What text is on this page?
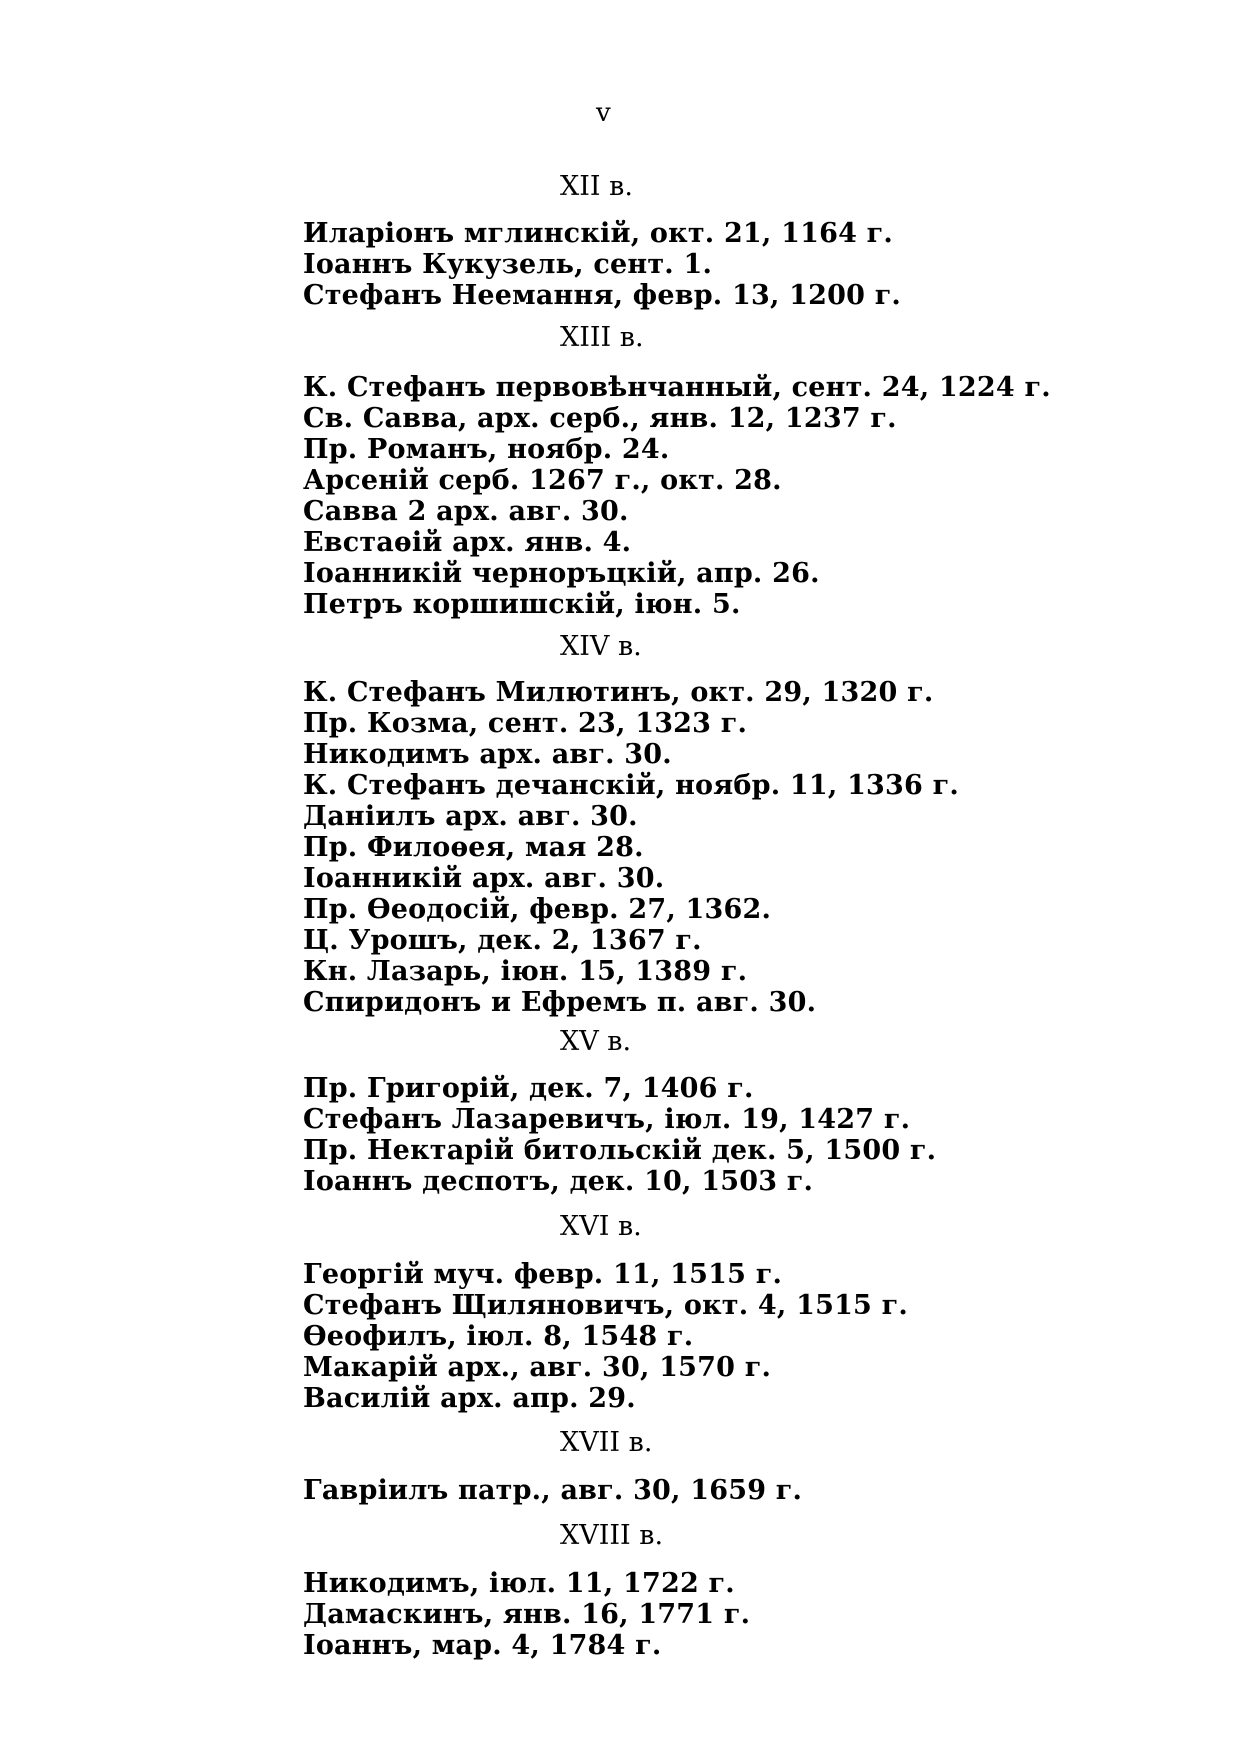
v
XII в.
Иларіонъ мглинскій, окт. 21, 1164 г.
Іоаннъ Кукузель, сент. 1.
Стефанъ Неемання, февр. 13, 1200 г.
XIII в.
К. Стефанъ первовѣнчанный, сент. 24, 1224 г.
Св. Савва, арх. серб., янв. 12, 1237 г.
Пр. Романъ, ноябр. 24.
Арсеній серб. 1267 г., окт. 28.
Савва 2 арх. авг. 30.
Евстаѳій арх. янв. 4.
Іоанникій черноръцкій, апр. 26.
Петръ коршишскій, іюн. 5.
XIV в.
К. Стефанъ Милютинъ, окт. 29, 1320 г.
Пр. Козма, сент. 23, 1323 г.
Никодимъ арх. авг. 30.
К. Стефанъ дечанскій, ноябр. 11, 1336 г.
Даніилъ арх. авг. 30.
Пр. Филоѳея, мая 28.
Іоанникій арх. авг. 30.
Пр. Ѳеодосій, февр. 27, 1362.
Ц. Урошъ, дек. 2, 1367 г.
Кн. Лазарь, іюн. 15, 1389 г.
Спиридонъ и Ефремъ п. авг. 30.
XV в.
Пр. Григорій, дек. 7, 1406 г.
Стефанъ Лазаревичъ, іюл. 19, 1427 г.
Пр. Нектарій битольскій дек. 5, 1500 г.
Іоаннъ деспотъ, дек. 10, 1503 г.
XVI в.
Георгій муч. февр. 11, 1515 г.
Стефанъ Щиляновичъ, окт. 4, 1515 г.
Ѳеофилъ, іюл. 8, 1548 г.
Макарій арх., авг. 30, 1570 г.
Василій арх. апр. 29.
XVII в.
Гавріилъ патр., авг. 30, 1659 г.
XVIII в.
Никодимъ, іюл. 11, 1722 г.
Дамаскинъ, янв. 16, 1771 г.
Іоаннъ, мар. 4, 1784 г.
